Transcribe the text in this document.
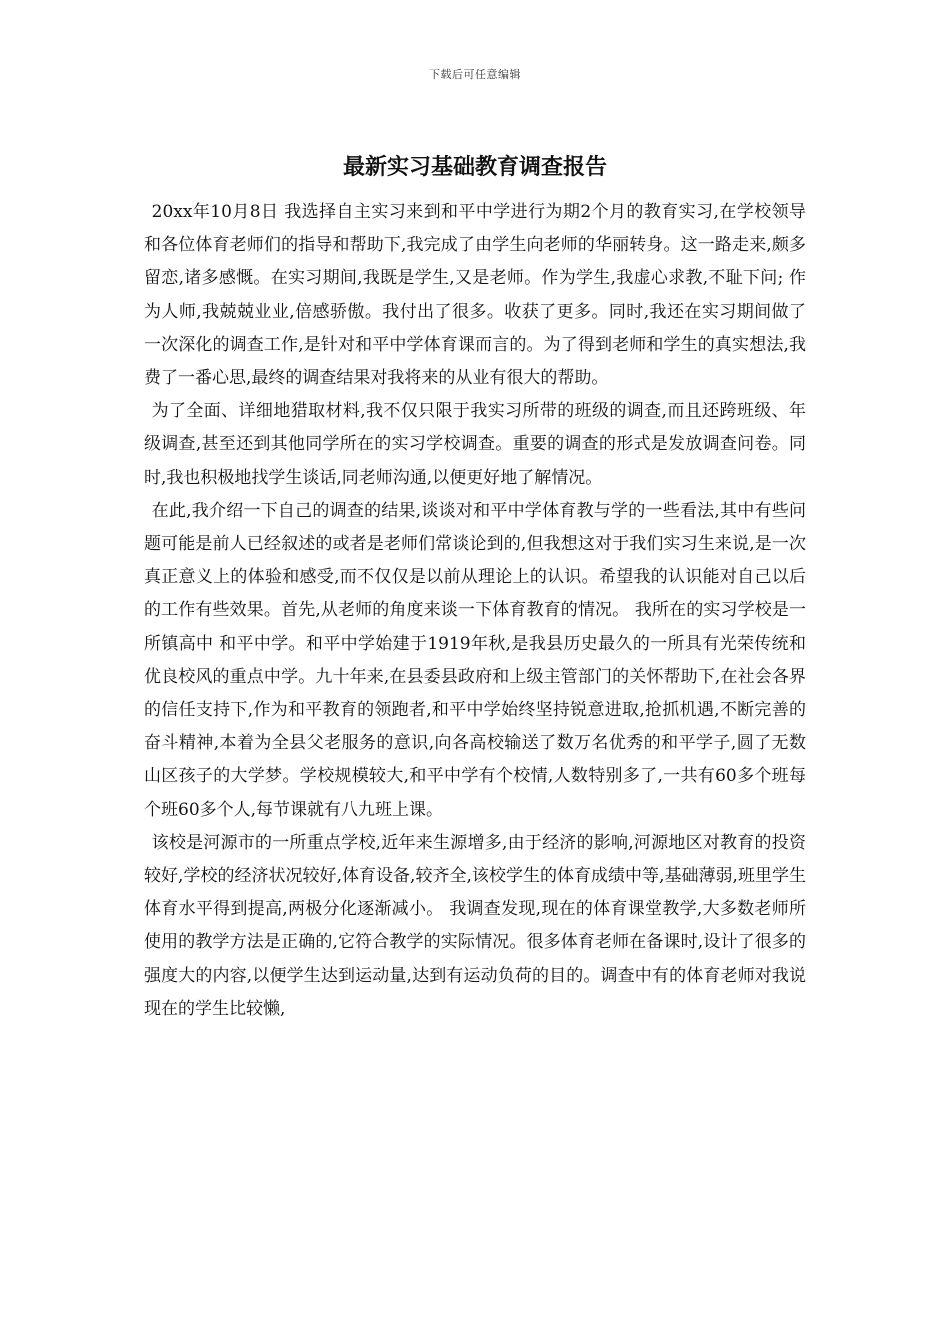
下载后可任意编辑
最新实习基础教育调查报告

20xx年10月8日 我选择自主实习来到和平中学进行为期2个月的教育实习,在学校领导和各位体育老师们的指导和帮助下,我完成了由学生向老师的华丽转身。这一路走来,颇多留恋,诸多感慨。在实习期间,我既是学生,又是老师。作为学生,我虚心求教,不耻下问; 作为人师,我兢兢业业,倍感骄傲。我付出了很多。收获了更多。同时,我还在实习期间做了一次深化的调查工作,是针对和平中学体育课而言的。为了得到老师和学生的真实想法,我费了一番心思,最终的调查结果对我将来的从业有很大的帮助。

为了全面、详细地猎取材料,我不仅只限于我实习所带的班级的调查,而且还跨班级、年级调查,甚至还到其他同学所在的实习学校调查。重要的调查的形式是发放调查问卷。同时,我也积极地找学生谈话,同老师沟通,以便更好地了解情况。

在此,我介绍一下自己的调查的结果,谈谈对和平中学体育教与学的一些看法,其中有些问题可能是前人已经叙述的或者是老师们常谈论到的,但我想这对于我们实习生来说,是一次真正意义上的体验和感受,而不仅仅是以前从理论上的认识。希望我的认识能对自己以后的工作有些效果。首先,从老师的角度来谈一下体育教育的情况。 我所在的实习学校是一所镇高中 和平中学。和平中学始建于1919年秋,是我县历史最久的一所具有光荣传统和优良校风的重点中学。九十年来,在县委县政府和上级主管部门的关怀帮助下,在社会各界的信任支持下,作为和平教育的领跑者,和平中学始终坚持锐意进取,抢抓机遇,不断完善的奋斗精神,本着为全县父老服务的意识,向各高校输送了数万名优秀的和平学子,圆了无数山区孩子的大学梦。学校规模较大,和平中学有个校情,人数特别多了,一共有60多个班每个班60多个人,每节课就有八九班上课。

该校是河源市的一所重点学校,近年来生源增多,由于经济的影响,河源地区对教育的投资较好,学校的经济状况较好,体育设备,较齐全,该校学生的体育成绩中等,基础薄弱,班里学生体育水平得到提高,两极分化逐渐减小。 我调查发现,现在的体育课堂教学,大多数老师所使用的教学方法是正确的,它符合教学的实际情况。很多体育老师在备课时,设计了很多的强度大的内容,以便学生达到运动量,达到有运动负荷的目的。调查中有的体育老师对我说现在的学生比较懒,
